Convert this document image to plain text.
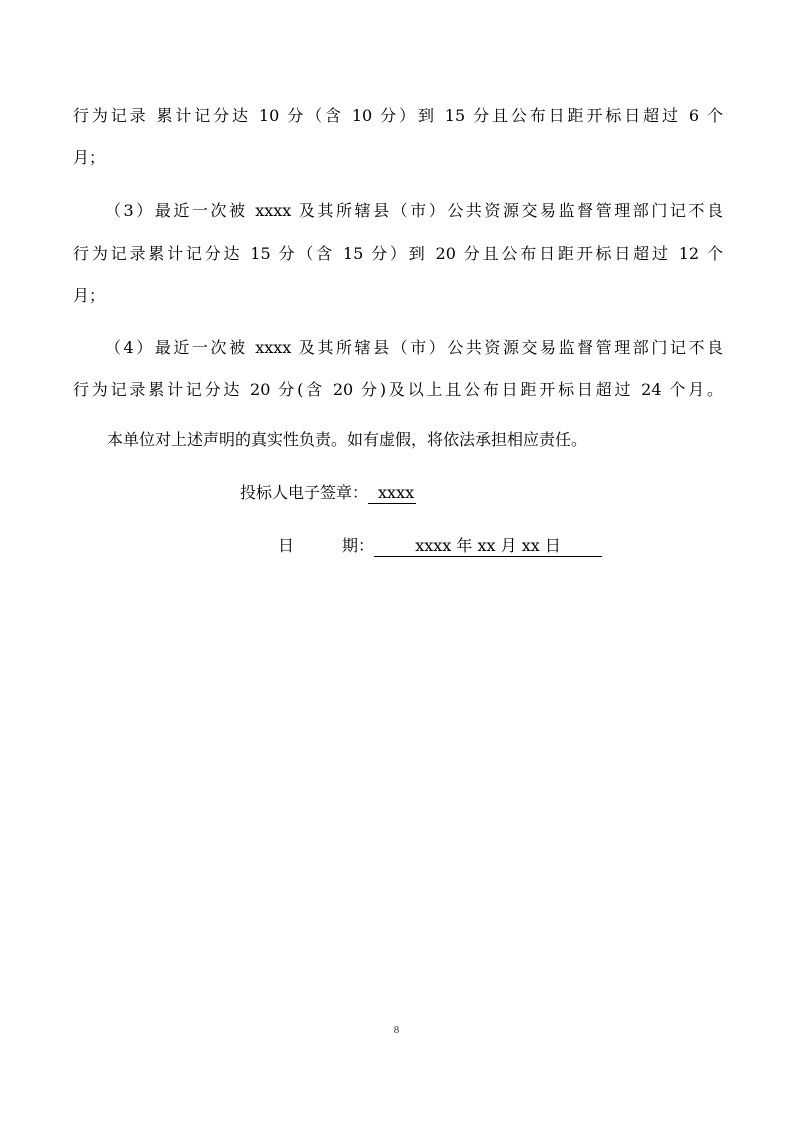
行为记录 累计记分达 10 分（含 10 分）到 15 分且公布日距开标日超过 6 个
月；
（3）最近一次被 xxxx 及其所辖县（市）公共资源交易监督管理部门记不良
行为记录累计记分达 15 分（含 15 分）到 20 分且公布日距开标日超过 12 个
月；
（4）最近一次被 xxxx 及其所辖县（市）公共资源交易监督管理部门记不良
行为记录累计记分达 20 分(含 20 分)及以上且公布日距开标日超过 24 个月。
本单位对上述声明的真实性负责。如有虚假，将依法承担相应责任。
投标人电子签章： xxxx
日　　　期：	xxxx 年 xx 月 xx 日
8
